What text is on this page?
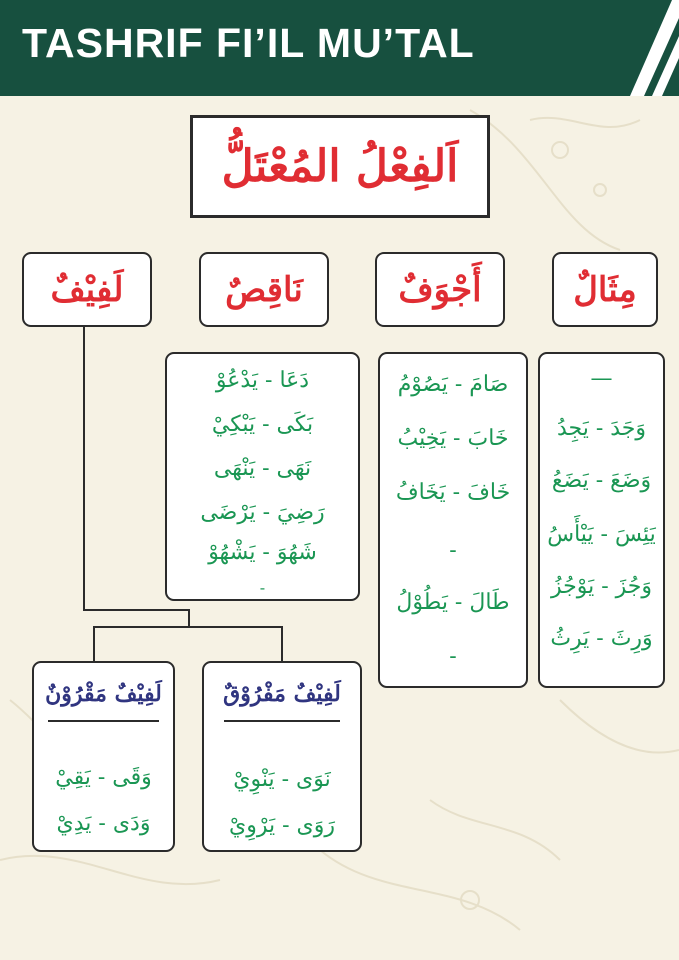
TASHRIF FI’IL MU’TAL
اَلفِعْلُ المُعْتَلُّ
مِثَالٌ
أَجْوَفٌ
نَاقِصٌ
لَفِيْفٌ
—
وَجَدَ - يَجِدُ
وَضَعَ - يَضَعُ
يَئِسَ - يَيْأَسُ
وَجُزَ - يَوْجُزُ
وَرِثَ - يَرِثُ
صَامَ - يَصُوْمُ
خَابَ - يَخِيْبُ
خَافَ - يَخَافُ
-
طَالَ - يَطُوْلُ
-
دَعَا - يَدْعُوْ
بَكَى - يَبْكِيْ
نَهَى - يَنْهَى
رَضِيَ - يَرْضَى
شَهُوَ - يَشْهُوْ
-
لَفِيْفٌ مَفْرُوْقٌ
نَوَى - يَنْوِيْ
رَوَى - يَرْوِيْ
لَفِيْفٌ مَقْرُوْنٌ
وَقَى - يَقِيْ
وَدَى - يَدِيْ
